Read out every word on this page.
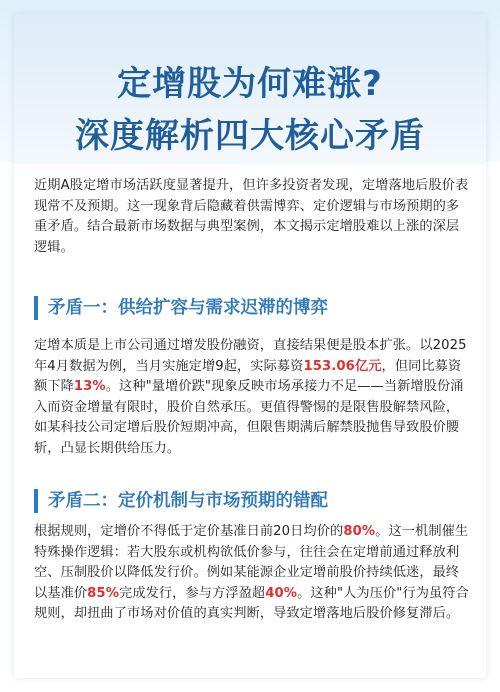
定增股为何难涨?
深度解析四大核心矛盾
近期A股定增市场活跃度显著提升，但许多投资者发现，定增落地后股价表现常不及预期。这一现象背后隐藏着供需博弈、定价逻辑与市场预期的多重矛盾。结合最新市场数据与典型案例，本文揭示定增股难以上涨的深层逻辑。
矛盾一：供给扩容与需求迟滞的博弈
定增本质是上市公司通过增发股份融资，直接结果便是股本扩张。以2025年4月数据为例，当月实施定增9起，实际募资153.06亿元，但同比募资额下降13%。这种"量增价跌"现象反映市场承接力不足——当新增股份涌入而资金增量有限时，股价自然承压。更值得警惕的是限售股解禁风险，如某科技公司定增后股价短期冲高，但限售期满后解禁股抛售导致股价腰斩，凸显长期供给压力。
矛盾二：定价机制与市场预期的错配
根据规则，定增价不得低于定价基准日前20日均价的80%。这一机制催生特殊操作逻辑：若大股东或机构欲低价参与，往往会在定增前通过释放利空、压制股价以降低发行价。例如某能源企业定增前股价持续低迷，最终以基准价85%完成发行，参与方浮盈超40%。这种"人为压价"行为虽符合规则，却扭曲了市场对价值的真实判断，导致定增落地后股价修复滞后。
